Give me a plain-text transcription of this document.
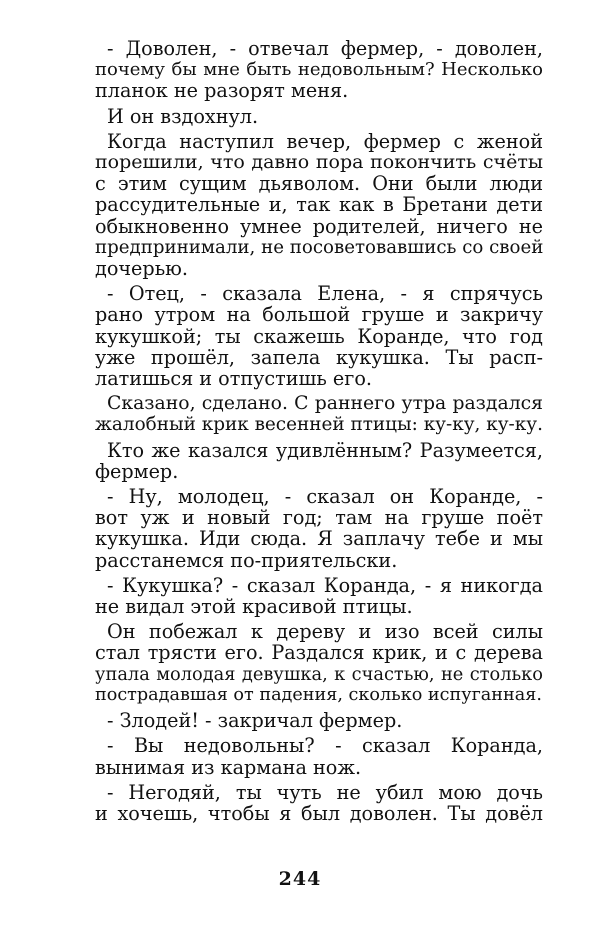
- Доволен, - отвечал фермер, - доволен,
почему бы мне быть недовольным? Несколько
планок не разорят меня.

И он вздохнул.

Когда наступил вечер, фермер с женой
порешили, что давно пора покончить счёты
с этим сущим дьяволом. Они были люди
рассудительные и, так как в Бретани дети
обыкновенно умнее родителей, ничего не
предпринимали, не посоветовавшись со своей
дочерью.

- Отец, - сказала Елена, - я спрячусь
рано утром на большой груше и закричу
кукушкой; ты скажешь Коранде, что год
уже прошёл, запела кукушка. Ты расп-
латишься и отпустишь его.

Сказано, сделано. С раннего утра раздался
жалобный крик весенней птицы: ку-ку, ку-ку.

Кто же казался удивлённым? Разумеется,
фермер.

- Ну, молодец, - сказал он Коранде, -
вот уж и новый год; там на груше поёт
кукушка. Иди сюда. Я заплачу тебе и мы
расстанемся по-приятельски.

- Кукушка? - сказал Коранда, - я никогда
не видал этой красивой птицы.

Он побежал к дереву и изо всей силы
стал трясти его. Раздался крик, и с дерева
упала молодая девушка, к счастью, не столько
пострадавшая от падения, сколько испуганная.

- Злодей! - закричал фермер.

- Вы недовольны? - сказал Коранда,
вынимая из кармана нож.

- Негодяй, ты чуть не убил мою дочь
и хочешь, чтобы я был доволен. Ты довёл

244
